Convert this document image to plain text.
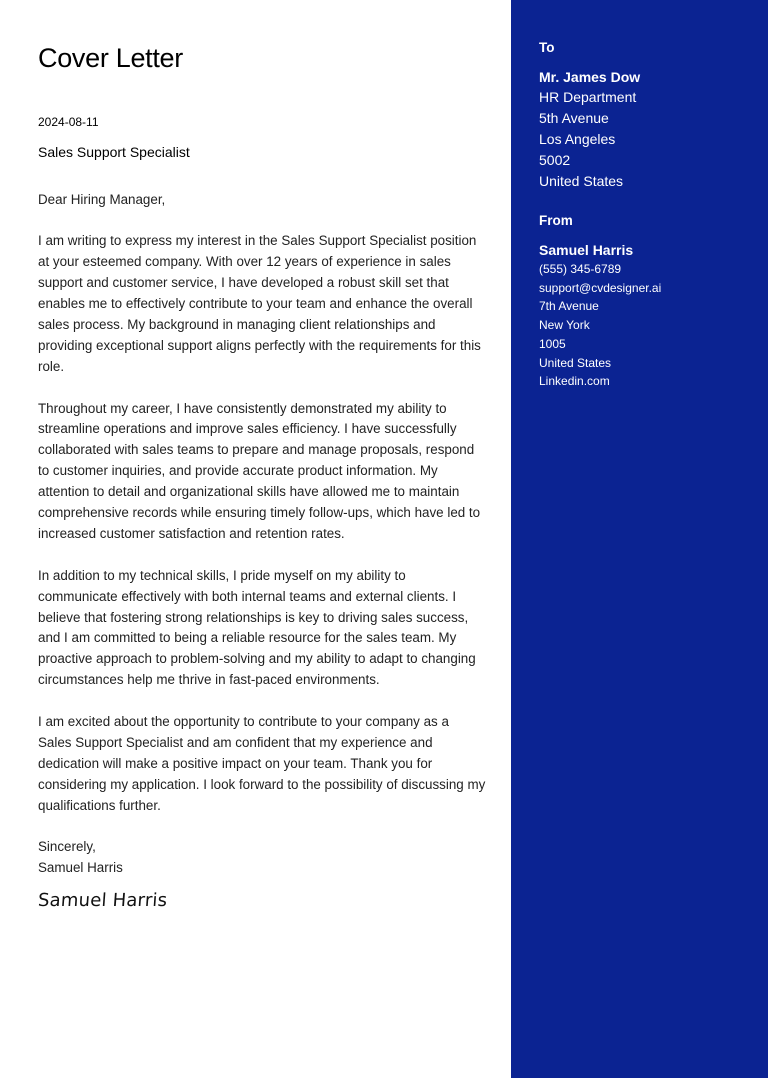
Cover Letter
2024-08-11
Sales Support Specialist

Dear Hiring Manager,

I am writing to express my interest in the Sales Support Specialist position at your esteemed company. With over 12 years of experience in sales support and customer service, I have developed a robust skill set that enables me to effectively contribute to your team and enhance the overall sales process. My background in managing client relationships and providing exceptional support aligns perfectly with the requirements for this role.

Throughout my career, I have consistently demonstrated my ability to streamline operations and improve sales efficiency. I have successfully collaborated with sales teams to prepare and manage proposals, respond to customer inquiries, and provide accurate product information. My attention to detail and organizational skills have allowed me to maintain comprehensive records while ensuring timely follow-ups, which have led to increased customer satisfaction and retention rates.

In addition to my technical skills, I pride myself on my ability to communicate effectively with both internal teams and external clients. I believe that fostering strong relationships is key to driving sales success, and I am committed to being a reliable resource for the sales team. My proactive approach to problem-solving and my ability to adapt to changing circumstances help me thrive in fast-paced environments.

I am excited about the opportunity to contribute to your company as a Sales Support Specialist and am confident that my experience and dedication will make a positive impact on your team. Thank you for considering my application. I look forward to the possibility of discussing my qualifications further.

Sincerely,
Samuel Harris
Samuel Harris
To
Mr. James Dow
HR Department
5th Avenue
Los Angeles
5002
United States
From
Samuel Harris
(555) 345-6789
support@cvdesigner.ai
7th Avenue
New York
1005
United States
Linkedin.com
